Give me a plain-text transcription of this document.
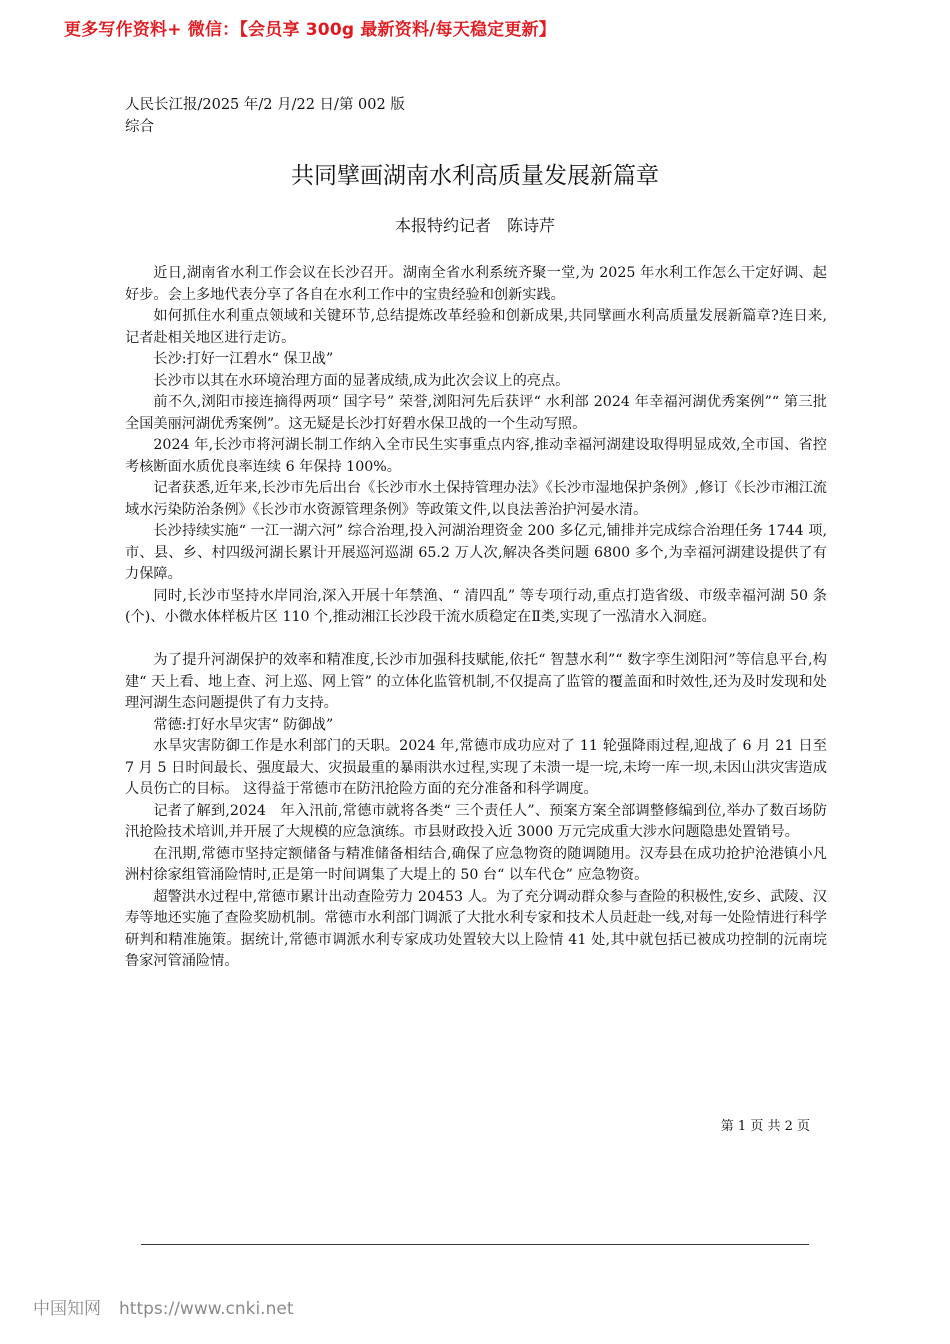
更多写作资料+ 微信：【会员享 300g 最新资料/每天稳定更新】
人民长江报/2025 年/2 月/22 日/第 002 版综合
共同擘画湖南水利高质量发展新篇章
本报特约记者　陈诗芹

近日,湖南省水利工作会议在长沙召开。湖南全省水利系统齐聚一堂,为 2025 年水利工作怎么干定好调、起好步。会上多地代表分享了各自在水利工作中的宝贵经验和创新实践。

如何抓住水利重点领域和关键环节,总结提炼改革经验和创新成果,共同擘画水利高质量发展新篇章?连日来,记者赴相关地区进行走访。

长沙:打好一江碧水“ 保卫战”

长沙市以其在水环境治理方面的显著成绩,成为此次会议上的亮点。

前不久,浏阳市接连摘得两项“ 国字号” 荣誉,浏阳河先后获评“ 水利部 2024 年幸福河湖优秀案例”“ 第三批全国美丽河湖优秀案例”。这无疑是长沙打好碧水保卫战的一个生动写照。

2024 年,长沙市将河湖长制工作纳入全市民生实事重点内容,推动幸福河湖建设取得明显成效,全市国、省控考核断面水质优良率连续 6 年保持 100%。

记者获悉,近年来,长沙市先后出台《长沙市水土保持管理办法》《长沙市湿地保护条例》,修订《长沙市湘江流域水污染防治条例》《长沙市水资源管理条例》等政策文件,以良法善治护河晏水清。

长沙持续实施“ 一江一湖六河” 综合治理,投入河湖治理资金 200 多亿元,铺排并完成综合治理任务 1744 项,市、县、乡、村四级河湖长累计开展巡河巡湖 65.2 万人次,解决各类问题 6800 多个,为幸福河湖建设提供了有力保障。

同时,长沙市坚持水岸同治,深入开展十年禁渔、“ 清四乱” 等专项行动,重点打造省级、市级幸福河湖 50 条(个)、小微水体样板片区 110 个,推动湘江长沙段干流水质稳定在Ⅱ类,实现了一泓清水入洞庭。

为了提升河湖保护的效率和精准度,长沙市加强科技赋能,依托“ 智慧水利”“ 数字孪生浏阳河”等信息平台,构建“ 天上看、地上查、河上巡、网上管” 的立体化监管机制,不仅提高了监管的覆盖面和时效性,还为及时发现和处理河湖生态问题提供了有力支持。

常德:打好水旱灾害“ 防御战”

水旱灾害防御工作是水利部门的天职。2024 年,常德市成功应对了 11 轮强降雨过程,迎战了 6 月 21 日至 7 月 5 日时间最长、强度最大、灾损最重的暴雨洪水过程,实现了未溃一堤一垸,未垮一库一坝,未因山洪灾害造成人员伤亡的目标。 这得益于常德市在防汛抢险方面的充分准备和科学调度。

记者了解到,2024　年入汛前,常德市就将各类“ 三个责任人”、预案方案全部调整修编到位,举办了数百场防汛抢险技术培训,并开展了大规模的应急演练。市县财政投入近 3000 万元完成重大涉水问题隐患处置销号。

在汛期,常德市坚持定额储备与精准储备相结合,确保了应急物资的随调随用。汉寿县在成功抢护沧港镇小凡洲村徐家组管涌险情时,正是第一时间调集了大堤上的 50 台“ 以车代仓” 应急物资。

超警洪水过程中,常德市累计出动查险劳力 20453 人。为了充分调动群众参与查险的积极性,安乡、武陵、汉寿等地还实施了查险奖励机制。常德市水利部门调派了大批水利专家和技术人员赶赴一线,对每一处险情进行科学研判和精准施策。据统计,常德市调派水利专家成功处置较大以上险情 41 处,其中就包括已被成功控制的沅南垸鲁家河管涌险情。

第 1 页 共 2 页
中国知网 https://www.cnki.net
